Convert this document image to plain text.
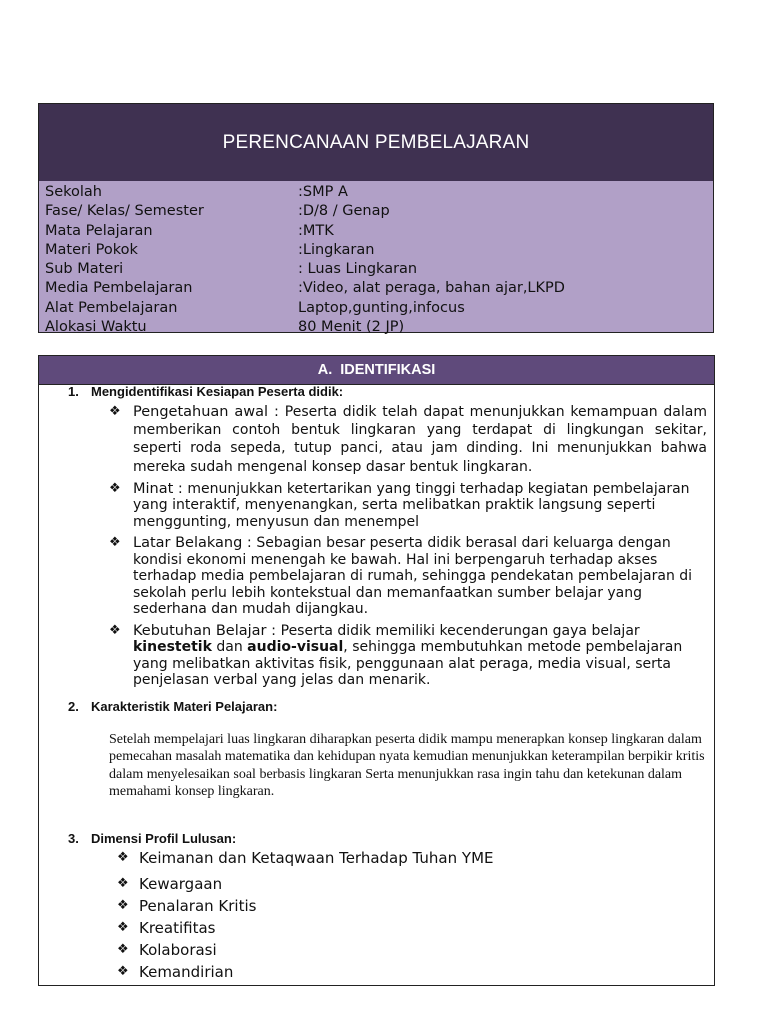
PERENCANAAN PEMBELAJARAN
Sekolah	:SMP A
Fase/ Kelas/ Semester	:D/8 / Genap
Mata Pelajaran	:MTK
Materi Pokok	:Lingkaran
Sub Materi	: Luas Lingkaran
Media Pembelajaran	:Video, alat peraga, bahan ajar,LKPD
Alat Pembelajaran	Laptop,gunting,infocus
Alokasi Waktu	80 Menit (2 JP)
A. IDENTIFIKASI
1. Mengidentifikasi Kesiapan Peserta didik:
❖ Pengetahuan awal : Peserta didik telah dapat menunjukkan kemampuan dalam memberikan contoh bentuk lingkaran yang terdapat di lingkungan sekitar, seperti roda sepeda, tutup panci, atau jam dinding. Ini menunjukkan bahwa mereka sudah mengenal konsep dasar bentuk lingkaran.
❖ Minat : menunjukkan ketertarikan yang tinggi terhadap kegiatan pembelajaran yang interaktif, menyenangkan, serta melibatkan praktik langsung seperti menggunting, menyusun dan menempel
❖ Latar Belakang : Sebagian besar peserta didik berasal dari keluarga dengan kondisi ekonomi menengah ke bawah. Hal ini berpengaruh terhadap akses terhadap media pembelajaran di rumah, sehingga pendekatan pembelajaran di sekolah perlu lebih kontekstual dan memanfaatkan sumber belajar yang sederhana dan mudah dijangkau.
❖ Kebutuhan Belajar : Peserta didik memiliki kecenderungan gaya belajar kinestetik dan audio-visual, sehingga membutuhkan metode pembelajaran yang melibatkan aktivitas fisik, penggunaan alat peraga, media visual, serta penjelasan verbal yang jelas dan menarik.
2. Karakteristik Materi Pelajaran:
Setelah mempelajari luas lingkaran diharapkan peserta didik mampu menerapkan konsep lingkaran dalam pemecahan masalah matematika dan kehidupan nyata kemudian menunjukkan keterampilan berpikir kritis dalam menyelesaikan soal berbasis lingkaran Serta menunjukkan rasa ingin tahu dan ketekunan dalam memahami konsep lingkaran.
3. Dimensi Profil Lulusan:
❖ Keimanan dan Ketaqwaan Terhadap Tuhan YME
❖ Kewargaan
❖ Penalaran Kritis
❖ Kreatifitas
❖ Kolaborasi
❖ Kemandirian
